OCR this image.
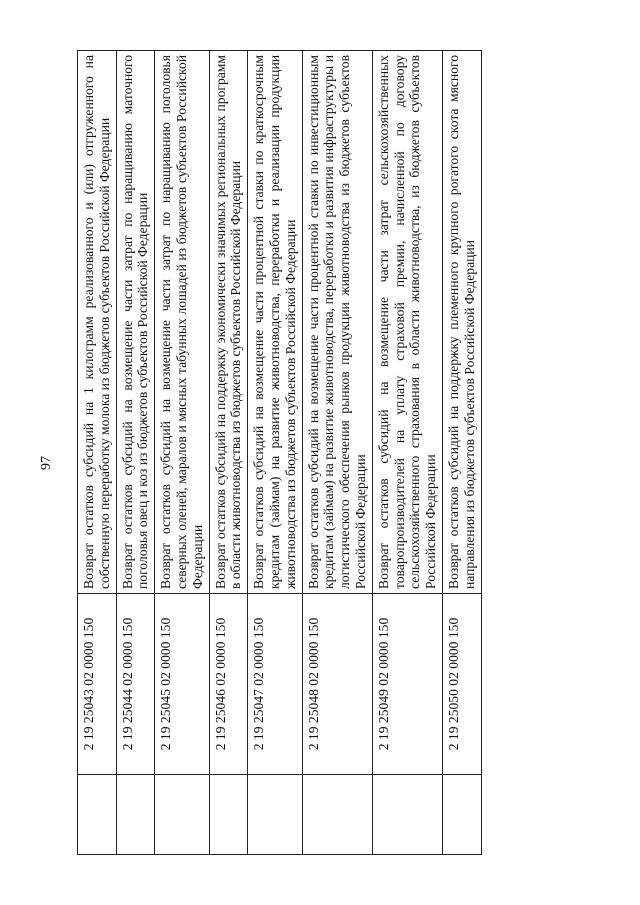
97
	2 19 25043 02 0000 150	Возврат остатков субсидий на 1 килограмм реализованного и (или) отгруженного на собственную переработку молока из бюджетов субъектов Российской Федерации
	2 19 25044 02 0000 150	Возврат остатков субсидий на возмещение части затрат по наращиванию маточного поголовья овец и коз из бюджетов субъектов Российской Федерации
	2 19 25045 02 0000 150	Возврат остатков субсидий на возмещение части затрат по наращиванию поголовья северных оленей, маралов и мясных табунных лошадей из бюджетов субъектов Российской Федерации
	2 19 25046 02 0000 150	Возврат остатков субсидий на поддержку экономически значимых региональных программ в области животноводства из бюджетов субъектов Российской Федерации
	2 19 25047 02 0000 150	Возврат остатков субсидий на возмещение части процентной ставки по краткосрочным кредитам (займам) на развитие животноводства, переработки и реализации продукции животноводства из бюджетов субъектов Российской Федерации
	2 19 25048 02 0000 150	Возврат остатков субсидий на возмещение части процентной ставки по инвестиционным кредитам (займам) на развитие животноводства, переработки и развития инфраструктуры и логистического обеспечения рынков продукции животноводства из бюджетов субъектов Российской Федерации
	2 19 25049 02 0000 150	Возврат остатков субсидий на возмещение части затрат сельскохозяйственных товаропроизводителей на уплату страховой премии, начисленной по договору сельскохозяйственного страхования в области животноводства, из бюджетов субъектов Российской Федерации
	2 19 25050 02 0000 150	Возврат остатков субсидий на поддержку племенного крупного рогатого скота мясного направления из бюджетов субъектов Российской Федерации
